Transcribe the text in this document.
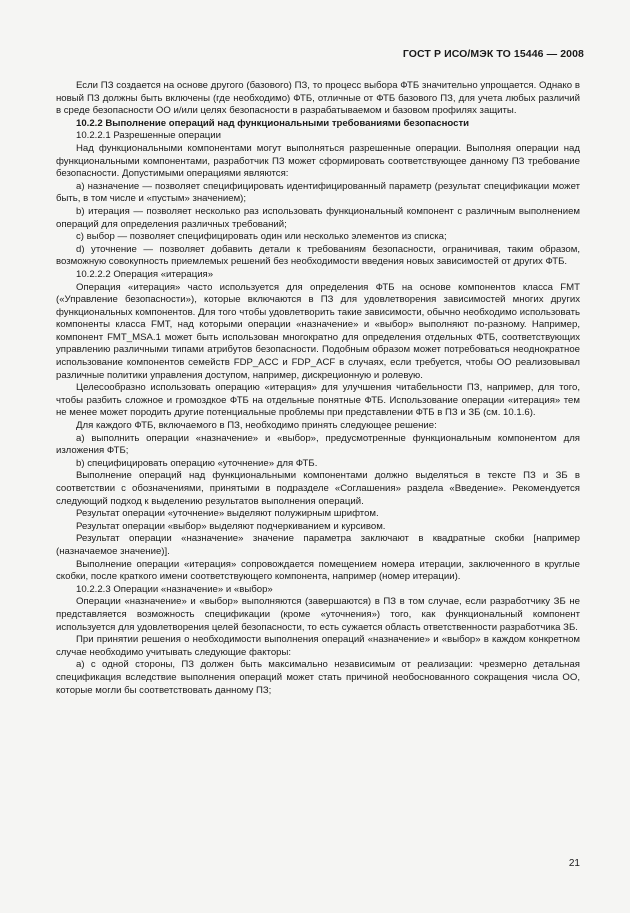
ГОСТ Р ИСО/МЭК ТО 15446 — 2008

Если ПЗ создается на основе другого (базового) ПЗ, то процесс выбора ФТБ значительно упрощается. Однако в новый ПЗ должны быть включены (где необходимо) ФТБ, отличные от ФТБ базового ПЗ, для учета любых различий в среде безопасности ОО и/или целях безопасности в разрабатываемом и базовом профилях защиты.

10.2.2 Выполнение операций над функциональными требованиями безопасности

10.2.2.1 Разрешенные операции

Над функциональными компонентами могут выполняться разрешенные операции. Выполняя операции над функциональными компонентами, разработчик ПЗ может сформировать соответствующее данному ПЗ требование безопасности. Допустимыми операциями являются:

a) назначение — позволяет специфицировать идентифицированный параметр (результат спецификации может быть, в том числе и «пустым» значением);

b) итерация — позволяет несколько раз использовать функциональный компонент с различным выполнением операций для определения различных требований;

c) выбор — позволяет специфицировать один или несколько элементов из списка;

d) уточнение — позволяет добавить детали к требованиям безопасности, ограничивая, таким образом, возможную совокупность приемлемых решений без необходимости введения новых зависимостей от других ФТБ.

10.2.2.2 Операция «итерация»

Операция «итерация» часто используется для определения ФТБ на основе компонентов класса FMT («Управление безопасности»), которые включаются в ПЗ для удовлетворения зависимостей многих других функциональных компонентов. Для того чтобы удовлетворить такие зависимости, обычно необходимо использовать компоненты класса FMT, над которыми операции «назначение» и «выбор» выполняют по-разному. Например, компонент FMT_MSA.1 может быть использован многократно для определения отдельных ФТБ, соответствующих управлению различными типами атрибутов безопасности. Подобным образом может потребоваться неоднократное использование компонентов семейств FDP_ACC и FDP_ACF в случаях, если требуется, чтобы ОО реализовывал различные политики управления доступом, например, дискреционную и ролевую.

Целесообразно использовать операцию «итерация» для улучшения читабельности ПЗ, например, для того, чтобы разбить сложное и громоздкое ФТБ на отдельные понятные ФТБ. Использование операции «итерация» тем не менее может породить другие потенциальные проблемы при представлении ФТБ в ПЗ и ЗБ (см. 10.1.6).

Для каждого ФТБ, включаемого в ПЗ, необходимо принять следующее решение:

a) выполнить операции «назначение» и «выбор», предусмотренные функциональным компонентом для изложения ФТБ;

b) специфицировать операцию «уточнение» для ФТБ.

Выполнение операций над функциональными компонентами должно выделяться в тексте ПЗ и ЗБ в соответствии с обозначениями, принятыми в подразделе «Соглашения» раздела «Введение». Рекомендуется следующий подход к выделению результатов выполнения операций.

Результат операции «уточнение» выделяют полужирным шрифтом.

Результат операции «выбор» выделяют подчеркиванием и курсивом.

Результат операции «назначение» значение параметра заключают в квадратные скобки [например (назначаемое значение)].

Выполнение операции «итерация» сопровождается помещением номера итерации, заключенного в круглые скобки, после краткого имени соответствующего компонента, например (номер итерации).

10.2.2.3 Операции «назначение» и «выбор»

Операции «назначение» и «выбор» выполняются (завершаются) в ПЗ в том случае, если разработчику ЗБ не представляется возможность спецификации (кроме «уточнения») того, как функциональный компонент используется для удовлетворения целей безопасности, то есть сужается область ответственности разработчика ЗБ.

При принятии решения о необходимости выполнения операций «назначение» и «выбор» в каждом конкретном случае необходимо учитывать следующие факторы:

а) с одной стороны, ПЗ должен быть максимально независимым от реализации: чрезмерно детальная спецификация вследствие выполнения операций может стать причиной необоснованного сокращения числа ОО, которые могли бы соответствовать данному ПЗ;

21
